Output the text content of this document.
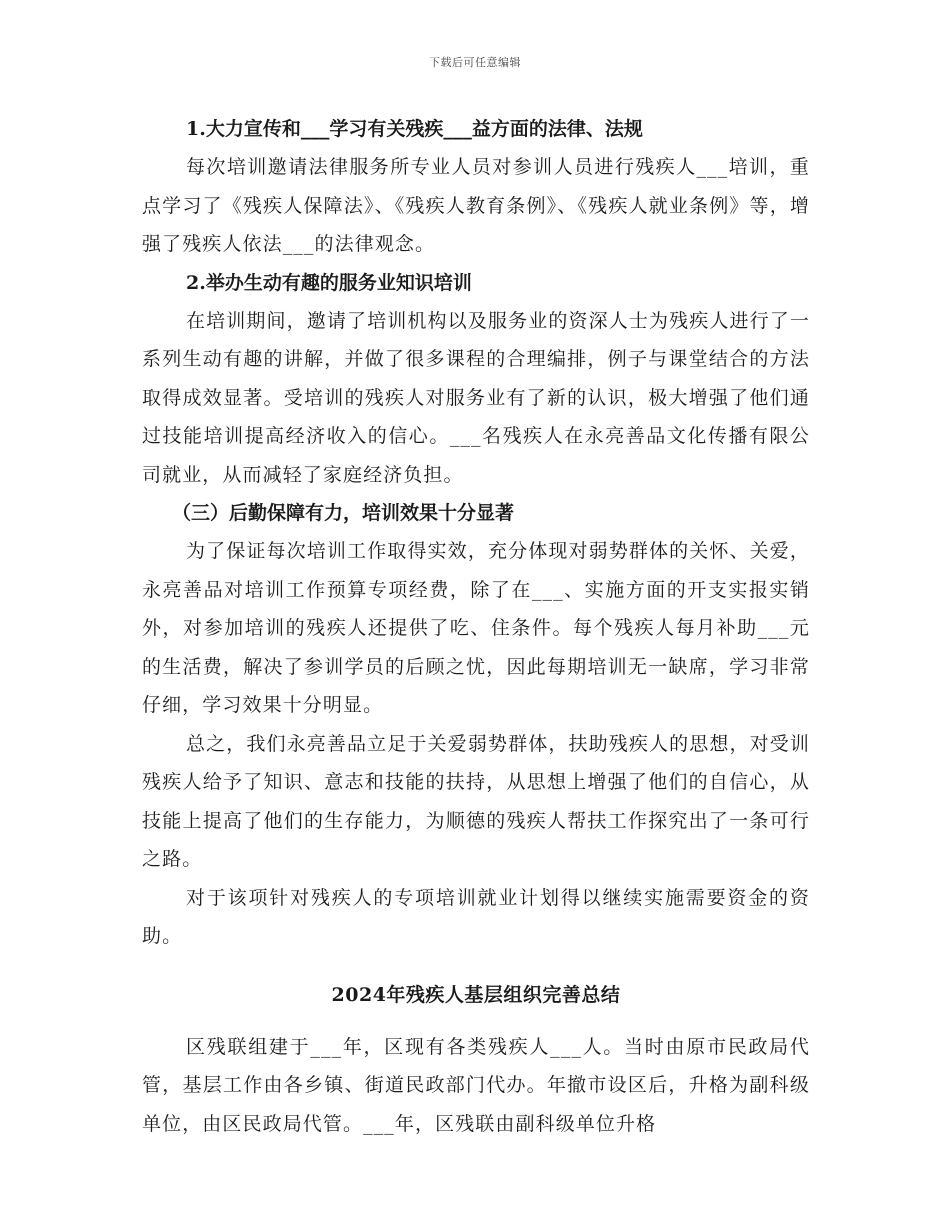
下载后可任意编辑

1.大力宣传和___学习有关残疾___益方面的法律、法规

每次培训邀请法律服务所专业人员对参训人员进行残疾人___培训，重点学习了《残疾人保障法》、《残疾人教育条例》、《残疾人就业条例》等，增强了残疾人依法___的法律观念。

2.举办生动有趣的服务业知识培训

在培训期间，邀请了培训机构以及服务业的资深人士为残疾人进行了一系列生动有趣的讲解，并做了很多课程的合理编排，例子与课堂结合的方法取得成效显著。受培训的残疾人对服务业有了新的认识，极大增强了他们通过技能培训提高经济收入的信心。___名残疾人在永亮善品文化传播有限公司就业，从而减轻了家庭经济负担。

（三）后勤保障有力，培训效果十分显著

为了保证每次培训工作取得实效，充分体现对弱势群体的关怀、关爱，永亮善品对培训工作预算专项经费，除了在___、实施方面的开支实报实销外，对参加培训的残疾人还提供了吃、住条件。每个残疾人每月补助___元的生活费，解决了参训学员的后顾之忧，因此每期培训无一缺席，学习非常仔细，学习效果十分明显。

总之，我们永亮善品立足于关爱弱势群体，扶助残疾人的思想，对受训残疾人给予了知识、意志和技能的扶持，从思想上增强了他们的自信心，从技能上提高了他们的生存能力，为顺德的残疾人帮扶工作探究出了一条可行之路。

对于该项针对残疾人的专项培训就业计划得以继续实施需要资金的资助。

2024年残疾人基层组织完善总结

区残联组建于___年，区现有各类残疾人___人。当时由原市民政局代管，基层工作由各乡镇、街道民政部门代办。年撤市设区后，升格为副科级单位，由区民政局代管。___年，区残联由副科级单位升格
